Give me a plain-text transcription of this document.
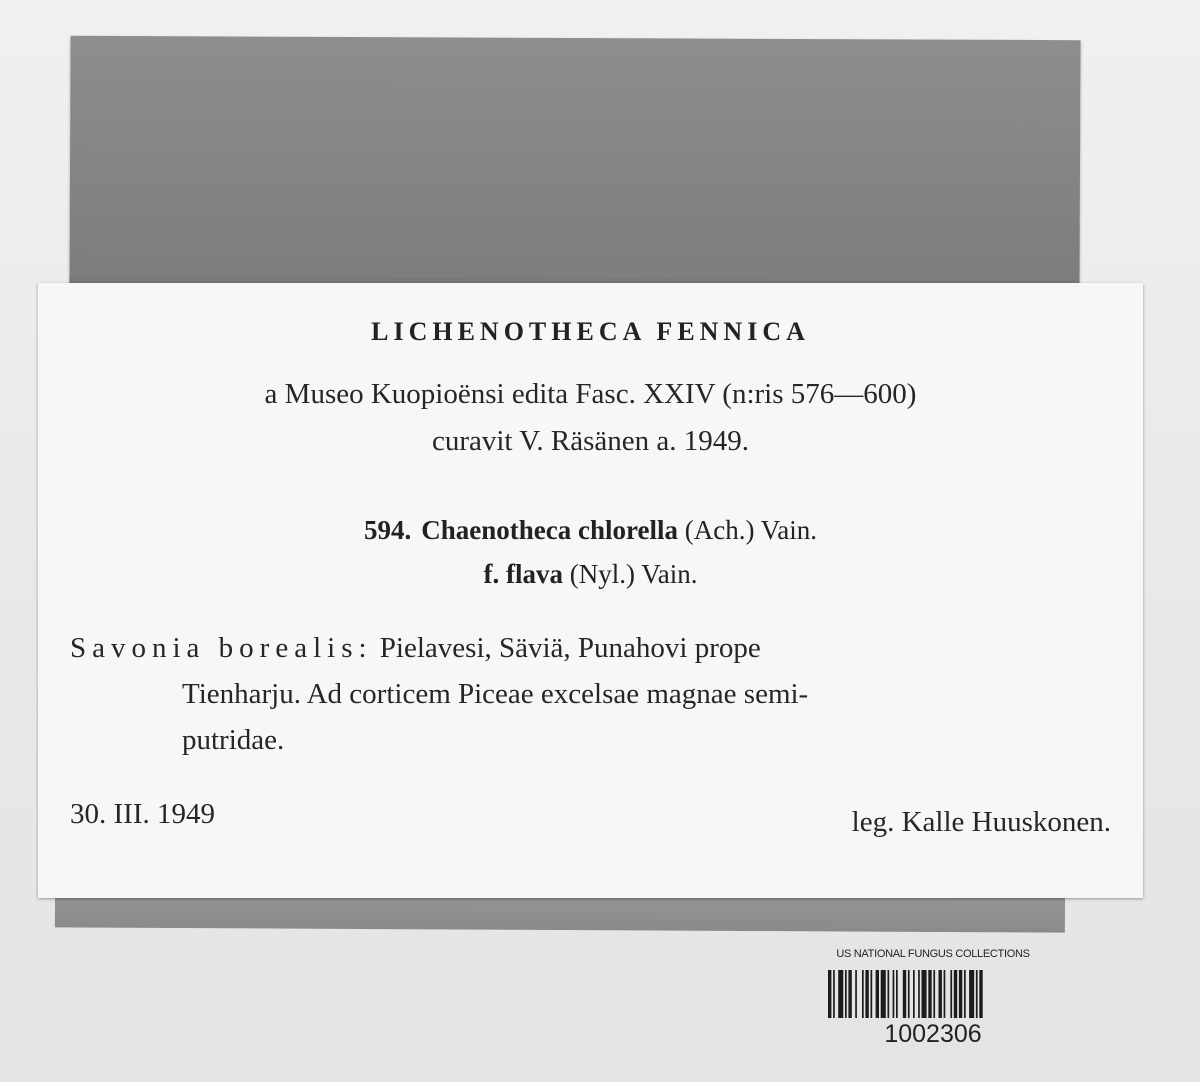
LICHENOTHECA FENNICA
a Museo Kuopioënsi edita Fasc. XXIV (n:ris 576—600)
curavit V. Räsänen a. 1949.
594. Chaenotheca chlorella (Ach.) Vain.
f. flava (Nyl.) Vain.
Savonia borealis: Pielavesi, Säviä, Punahovi prope
Tienharju. Ad corticem Piceae excelsae magnae semi-
putridae.
30. III. 1949	leg. Kalle Huuskonen.
US NATIONAL FUNGUS COLLECTIONS
1002306
